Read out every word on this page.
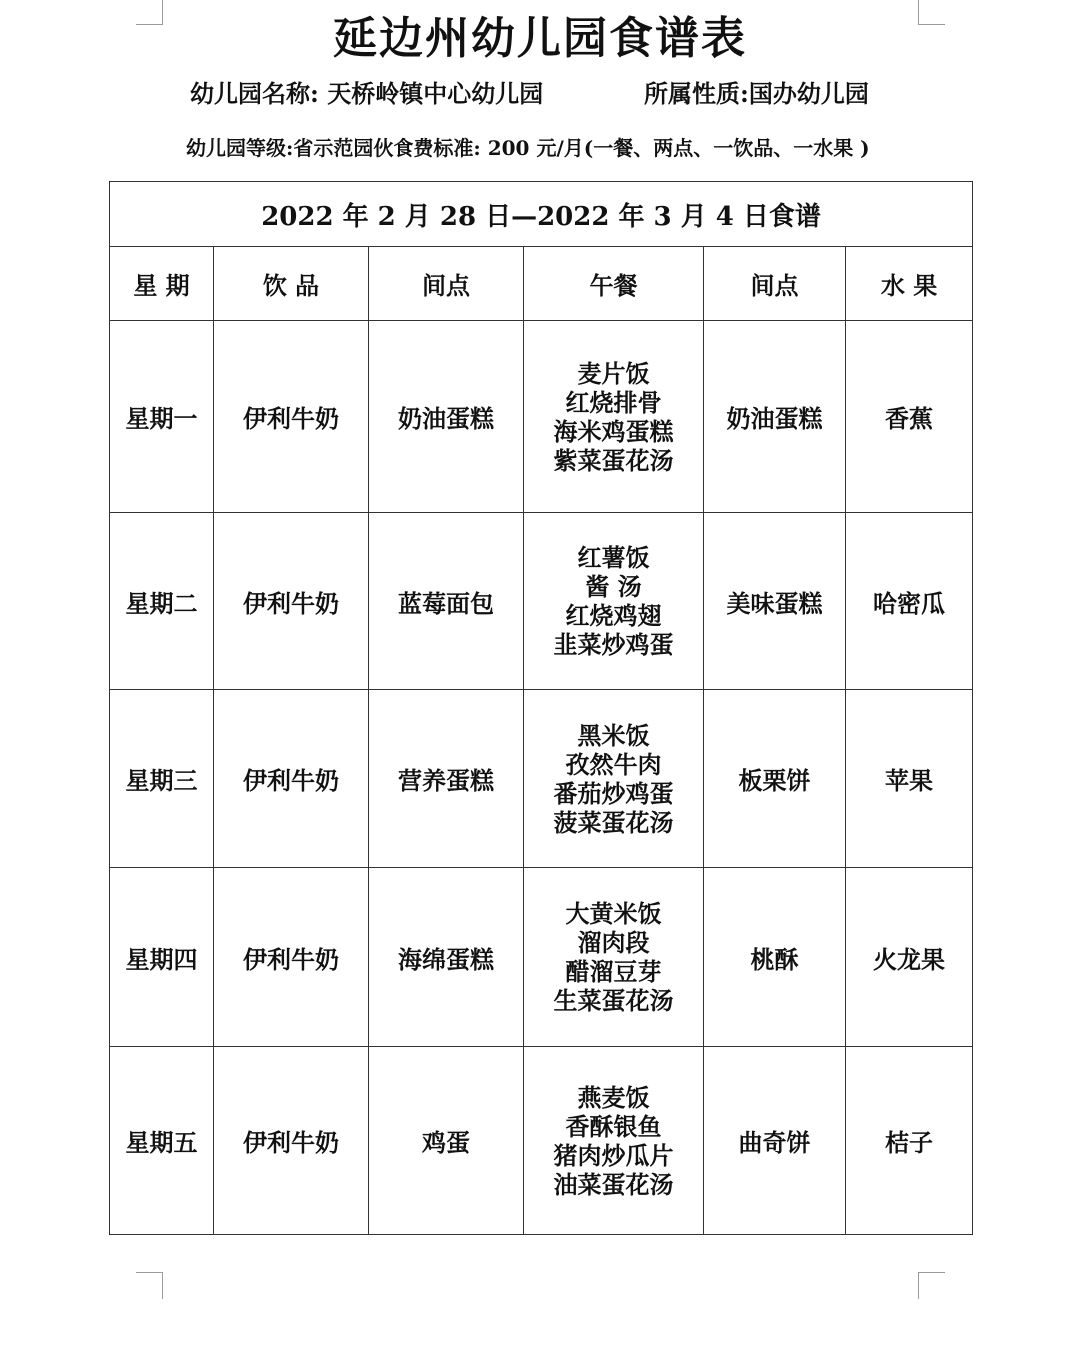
延边州幼儿园食谱表
幼儿园名称: 天桥岭镇中心幼儿园	所属性质:国办幼儿园
幼儿园等级:省示范园伙食费标准: 200 元/月(一餐、两点、一饮品、一水果 )
2022 年 2 月 28 日—2022 年 3 月 4 日食谱					
星 期	饮 品	间点	午餐	间点	水 果
星期一	伊利牛奶	奶油蛋糕	麦片饭
红烧排骨
海米鸡蛋糕
紫菜蛋花汤	奶油蛋糕	香蕉
星期二	伊利牛奶	蓝莓面包	红薯饭
酱 汤
红烧鸡翅
韭菜炒鸡蛋	美味蛋糕	哈密瓜
星期三	伊利牛奶	营养蛋糕	黑米饭
孜然牛肉
番茄炒鸡蛋
菠菜蛋花汤	板栗饼	苹果
星期四	伊利牛奶	海绵蛋糕	大黄米饭
溜肉段
醋溜豆芽
生菜蛋花汤	桃酥	火龙果
星期五	伊利牛奶	鸡蛋	燕麦饭
香酥银鱼
猪肉炒瓜片
油菜蛋花汤	曲奇饼	桔子
